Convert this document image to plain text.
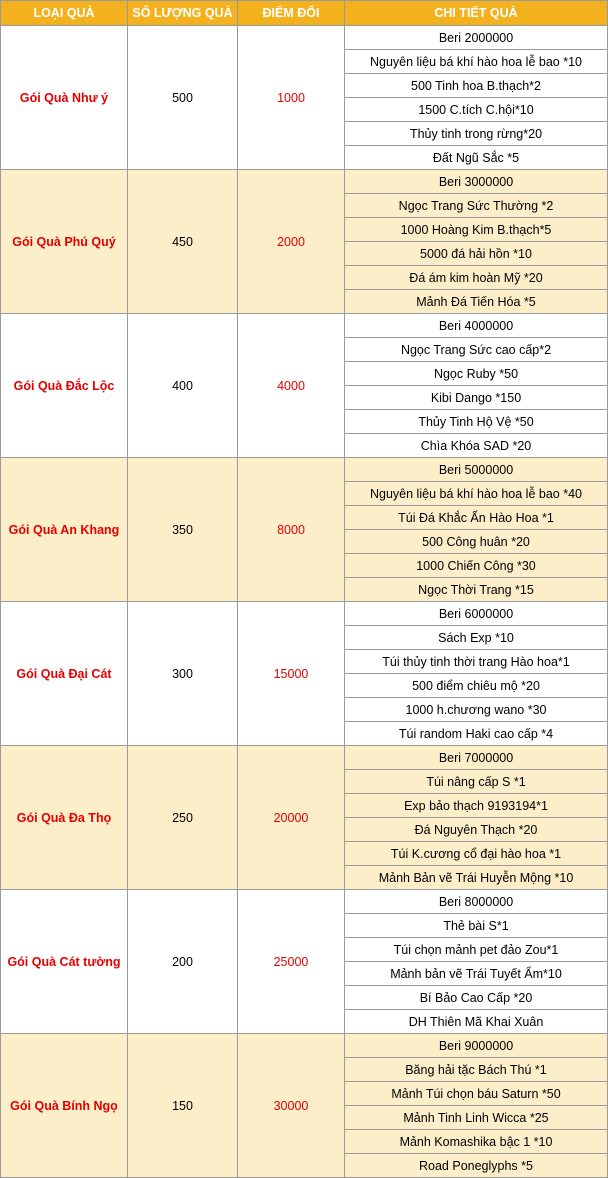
LOẠI QUÀ	SỐ LƯỢNG QUÀ	ĐIỂM ĐỔI	CHI TIẾT QUÀ
Gói Quà Như ý	500	1000	Beri 2000000
			Nguyên liệu bá khí hào hoa lễ bao *10
			500 Tinh hoa B.thạch*2
			1500 C.tích C.hội*10
			Thủy tinh trong rừng*20
			Đất Ngũ Sắc *5
Gói Quà Phú Quý	450	2000	Beri 3000000
			Ngọc Trang Sức Thường *2
			1000 Hoàng Kim B.thạch*5
			5000 đá hải hồn *10
			Đá ám kim hoàn Mỹ *20
			Mảnh Đá Tiến Hóa *5
Gói Quà Đắc Lộc	400	4000	Beri 4000000
			Ngọc Trang Sức cao cấp*2
			Ngọc Ruby *50
			Kibi Dango *150
			Thủy Tinh Hộ Vệ *50
			Chìa Khóa SAD *20
Gói Quà An Khang	350	8000	Beri 5000000
			Nguyên liệu bá khí hào hoa lễ bao *40
			Túi Đá Khắc Ấn Hào Hoa *1
			500 Công huân *20
			1000 Chiến Công *30
			Ngọc Thời Trang *15
Gói Quà Đại Cát	300	15000	Beri 6000000
			Sách Exp *10
			Túi thủy tinh thời trang Hào hoa*1
			500 điểm chiêu mộ *20
			1000 h.chương wano *30
			Túi random Haki cao cấp *4
Gói Quà Đa Thọ	250	20000	Beri 7000000
			Túi nâng cấp S *1
			Exp bảo thạch 9193194*1
			Đá Nguyên Thạch *20
			Túi K.cương cổ đại hào hoa *1
			Mảnh Bản vẽ Trái Huyễn Mộng *10
Gói Quà Cát tường	200	25000	Beri 8000000
			Thẻ bài S*1
			Túi chọn mảnh pet đảo Zou*1
			Mảnh bản vẽ Trái Tuyết Ẩm*10
			Bí Bảo Cao Cấp *20
			DH Thiên Mã Khai Xuân
Gói Quà Bính Ngọ	150	30000	Beri 9000000
			Băng hải tặc Bách Thú *1
			Mảnh Túi chọn báu Saturn *50
			Mảnh Tinh Linh Wicca *25
			Mảnh Komashika bậc 1 *10
			Road Poneglyphs *5
